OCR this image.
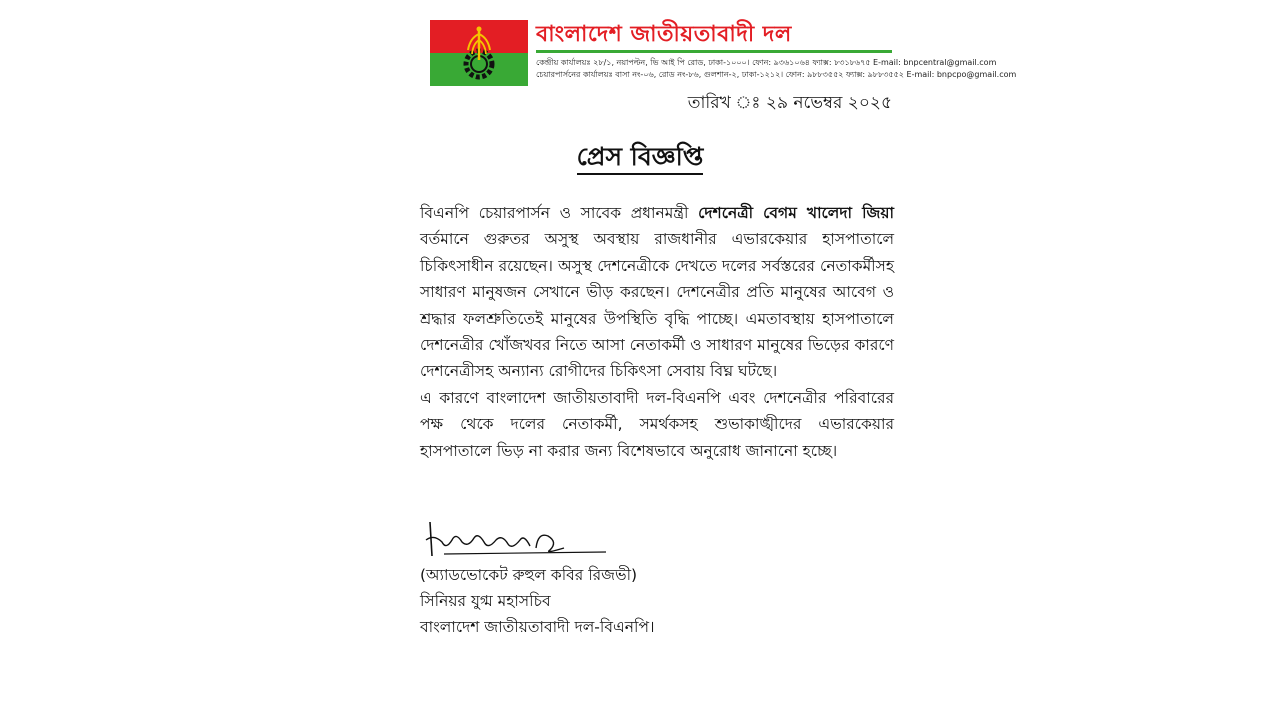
বাংলাদেশ জাতীয়তাবাদী দল
কেন্দ্রীয় কার্যালয়ঃ ২৮/১, নয়াপল্টন, ভি আই পি রোড, ঢাকা-১০০০। ফোন: ৯৩৬১০৬৪ ফ্যাক্স: ৮৩১৮৬৭৫ E-mail: bnpcentral@gmail.com
চেয়ারপার্সনের কার্যালয়ঃ বাসা নং-০৬, রোড নং-৮৬, গুলশান-২, ঢাকা-১২১২। ফোন: ৯৮৮৩৫৫২ ফ্যাক্স: ৯৮৮৩৫৫২ E-mail: bnpcpo@gmail.com
তারিখ ঃ ২৯ নভেম্বর ২০২৫
প্রেস বিজ্ঞপ্তি

বিএনপি চেয়ারপার্সন ও সাবেক প্রধানমন্ত্রী দেশনেত্রী বেগম খালেদা জিয়া বর্তমানে গুরুতর অসুস্থ অবস্থায় রাজধানীর এভারকেয়ার হাসপাতালে চিকিৎসাধীন রয়েছেন। অসুস্থ দেশনেত্রীকে দেখতে দলের সর্বস্তরের নেতাকর্মীসহ সাধারণ মানুষজন সেখানে ভীড় করছেন। দেশনেত্রীর প্রতি মানুষের আবেগ ও শ্রদ্ধার ফলশ্রুতিতেই মানুষের উপস্থিতি বৃদ্ধি পাচ্ছে। এমতাবস্থায় হাসপাতালে দেশনেত্রীর খোঁজখবর নিতে আসা নেতাকর্মী ও সাধারণ মানুষের ভিড়ের কারণে দেশনেত্রীসহ অন্যান্য রোগীদের চিকিৎসা সেবায় বিঘ্ন ঘটছে।

এ কারণে বাংলাদেশ জাতীয়তাবাদী দল-বিএনপি এবং দেশনেত্রীর পরিবারের পক্ষ থেকে দলের নেতাকর্মী, সমর্থকসহ শুভাকাঙ্খীদের এভারকেয়ার হাসপাতালে ভিড় না করার জন্য বিশেষভাবে অনুরোধ জানানো হচ্ছে।

(অ্যাডভোকেট রুহুল কবির রিজভী)
সিনিয়র যুগ্ম মহাসচিব
বাংলাদেশ জাতীয়তাবাদী দল-বিএনপি।
